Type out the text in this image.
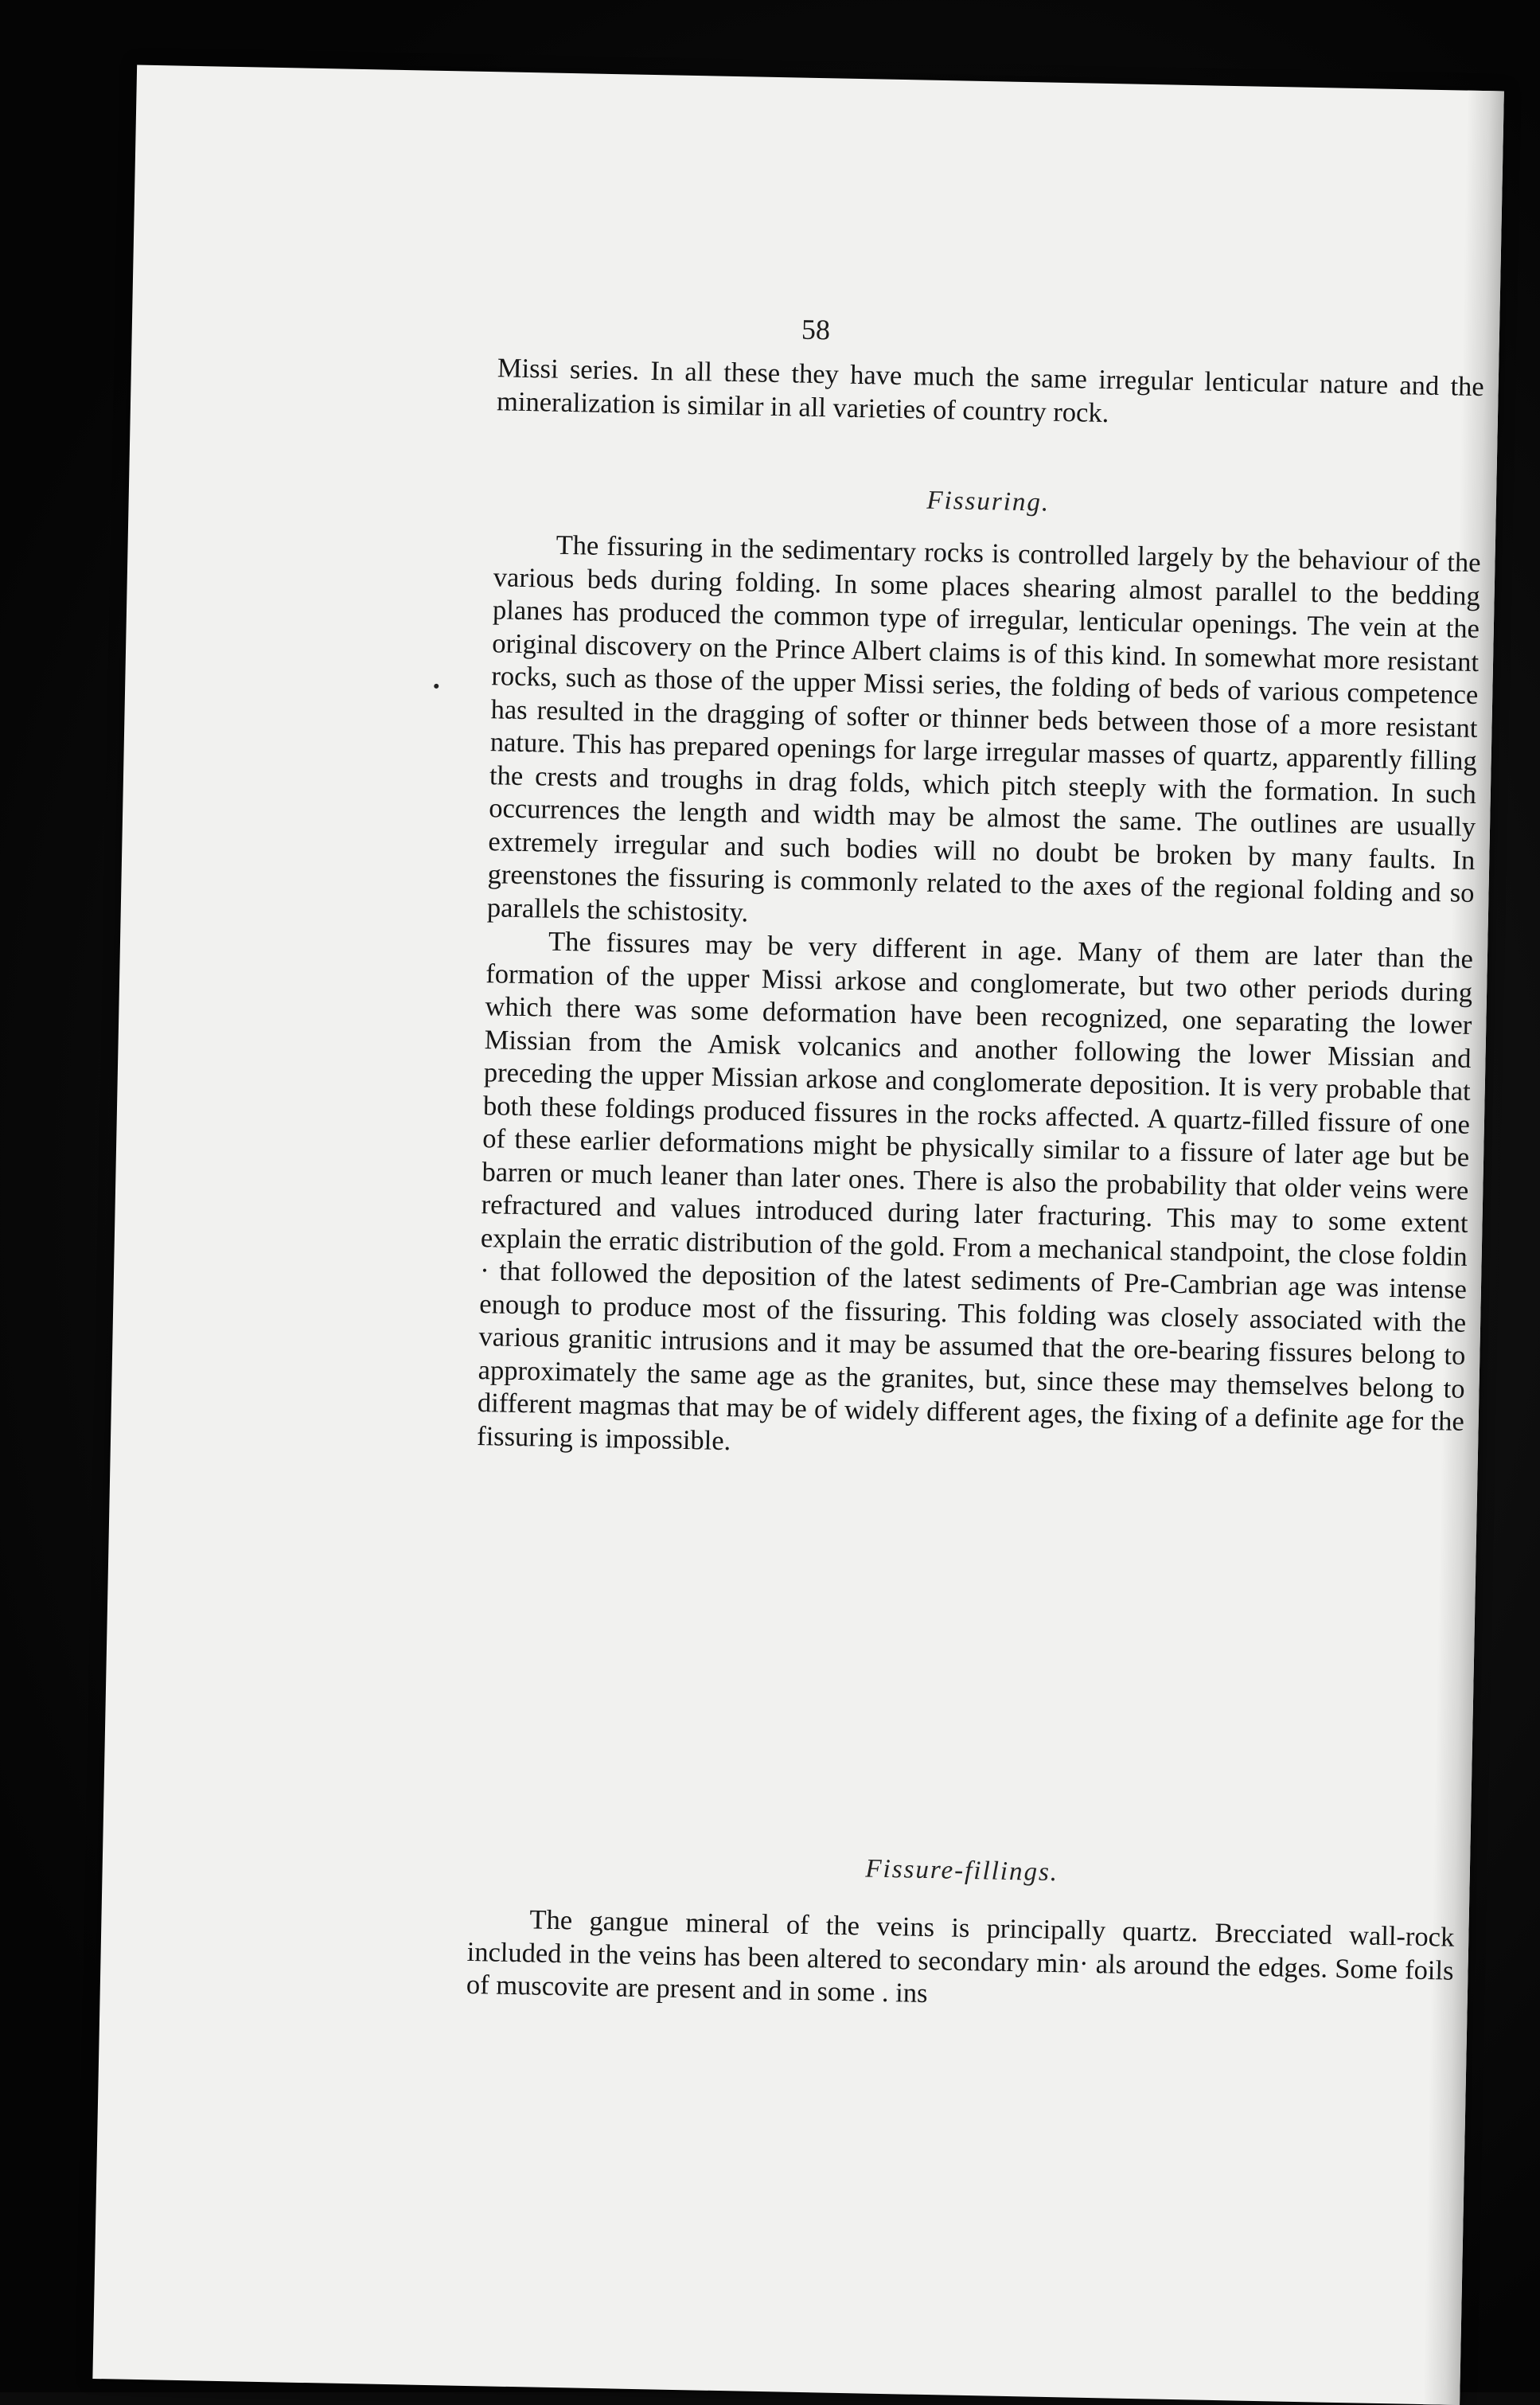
58

Missi series. In all these they have much the same irregular lenticular nature and the mineralization is similar in all varieties of country rock.

Fissuring.

The fissuring in the sedimentary rocks is controlled largely by the behaviour of the various beds during folding. In some places shearing almost parallel to the bedding planes has produced the common type of irregular, lenticular openings. The vein at the original discovery on the Prince Albert claims is of this kind. In somewhat more resistant rocks, such as those of the upper Missi series, the folding of beds of various competence has resulted in the dragging of softer or thinner beds between those of a more resistant nature. This has prepared openings for large irregular masses of quartz, apparently filling the crests and troughs in drag folds, which pitch steeply with the formation. In such occurrences the length and width may be almost the same. The outlines are usually extremely irregular and such bodies will no doubt be broken by many faults. In greenstones the fissuring is commonly related to the axes of the regional folding and so parallels the schistosity.

The fissures may be very different in age. Many of them are later than the formation of the upper Missi arkose and conglomerate, but two other periods during which there was some deformation have been recognized, one separating the lower Missian from the Amisk volcanics and another following the lower Missian and preceding the upper Missian arkose and conglomerate deposition. It is very probable that both these foldings produced fissures in the rocks affected. A quartz-filled fissure of one of these earlier deformations might be physically similar to a fissure of later age but be barren or much leaner than later ones. There is also the probability that older veins were refractured and values introduced during later fracturing. This may to some extent explain the erratic distribution of the gold. From a mechanical standpoint, the close foldin · that followed the deposition of the latest sediments of Pre-Cambrian age was intense enough to produce most of the fissuring. This folding was closely associated with the various granitic intrusions and it may be assumed that the ore-bearing fissures belong to approximately the same age as the granites, but, since these may themselves belong to different magmas that may be of widely different ages, the fixing of a definite age for the fissuring is impossible.

Fissure-fillings.

The gangue mineral of the veins is principally quartz. Brecciated wall-rock included in the veins has been altered to secondary min· als around the edges. Some foils of muscovite are present and in some . ins
